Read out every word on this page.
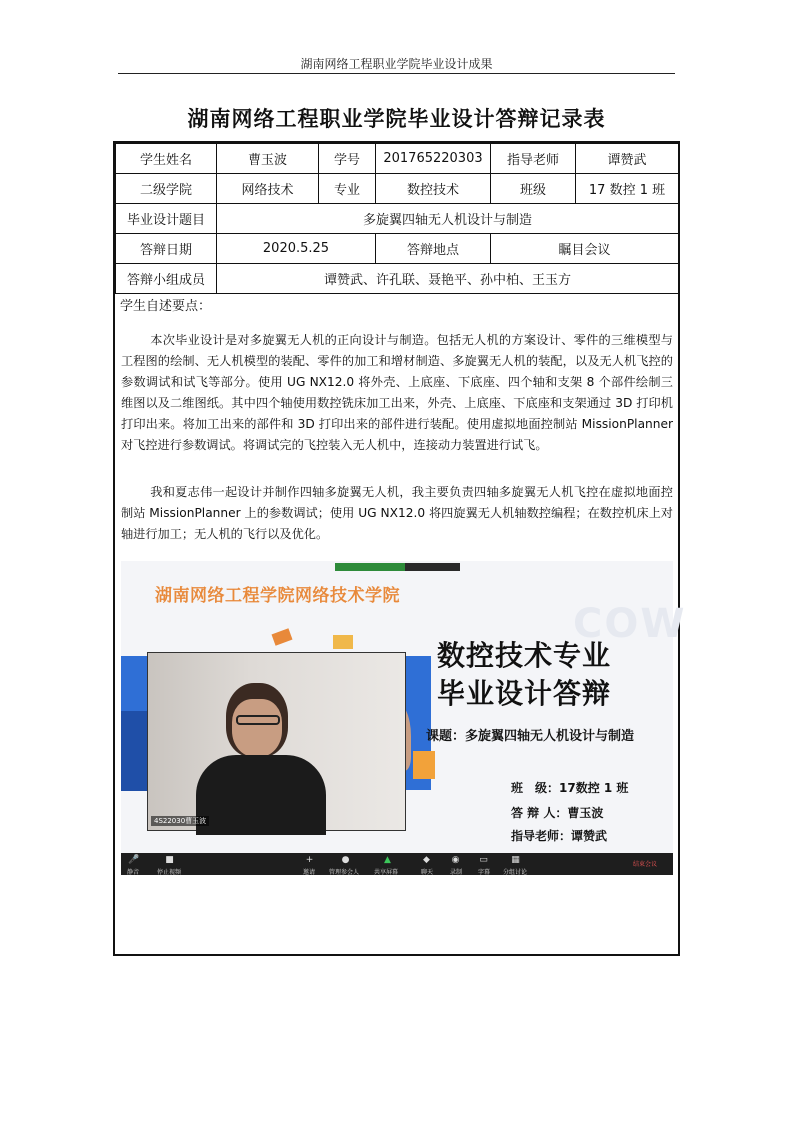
湖南网络工程职业学院毕业设计成果
湖南网络工程职业学院毕业设计答辩记录表
学生姓名	曹玉波	学号	201765220303	指导老师	谭赞武
二级学院	网络技术	专业	数控技术	班级	17 数控 1 班
毕业设计题目	多旋翼四轴无人机设计与制造				
答辩日期	2020.5.25		答辩地点	瞩目会议	
答辩小组成员	谭赞武、许孔联、聂艳平、孙中柏、王玉方				
学生自述要点：
本次毕业设计是对多旋翼无人机的正向设计与制造。包括无人机的方案设计、零件的三维模型与工程图的绘制、无人机模型的装配、零件的加工和增材制造、多旋翼无人机的装配，以及无人机飞控的参数调试和试飞等部分。使用 UG NX12.0 将外壳、上底座、下底座、四个轴和支架 8 个部件绘制三维图以及二维图纸。其中四个轴使用数控铣床加工出来，外壳、上底座、下底座和支架通过 3D 打印机打印出来。将加工出来的部件和 3D 打印出来的部件进行装配。使用虚拟地面控制站 MissionPlanner 对飞控进行参数调试。将调试完的飞控装入无人机中，连接动力装置进行试飞。
我和夏志伟一起设计并制作四轴多旋翼无人机，我主要负责四轴多旋翼无人机飞控在虚拟地面控制站 MissionPlanner 上的参数调试；使用 UG NX12.0 将四旋翼无人机轴数控编程；在数控机床上对轴进行加工；无人机的飞行以及优化。
COW
湖南网络工程学院网络技术学院
数控技术专业
毕业设计答辩
课题：多旋翼四轴无人机设计与制造
班　级：17数控 1 班
答 辩 人：曹玉波
指导老师：谭赞武
4S22030曹玉波
🎤
静音
■
停止视频
+
邀请
●
管理参会人
▲
共享屏幕
◆
聊天
◉
录制
▭
字幕
▦
分组讨论
结束会议
